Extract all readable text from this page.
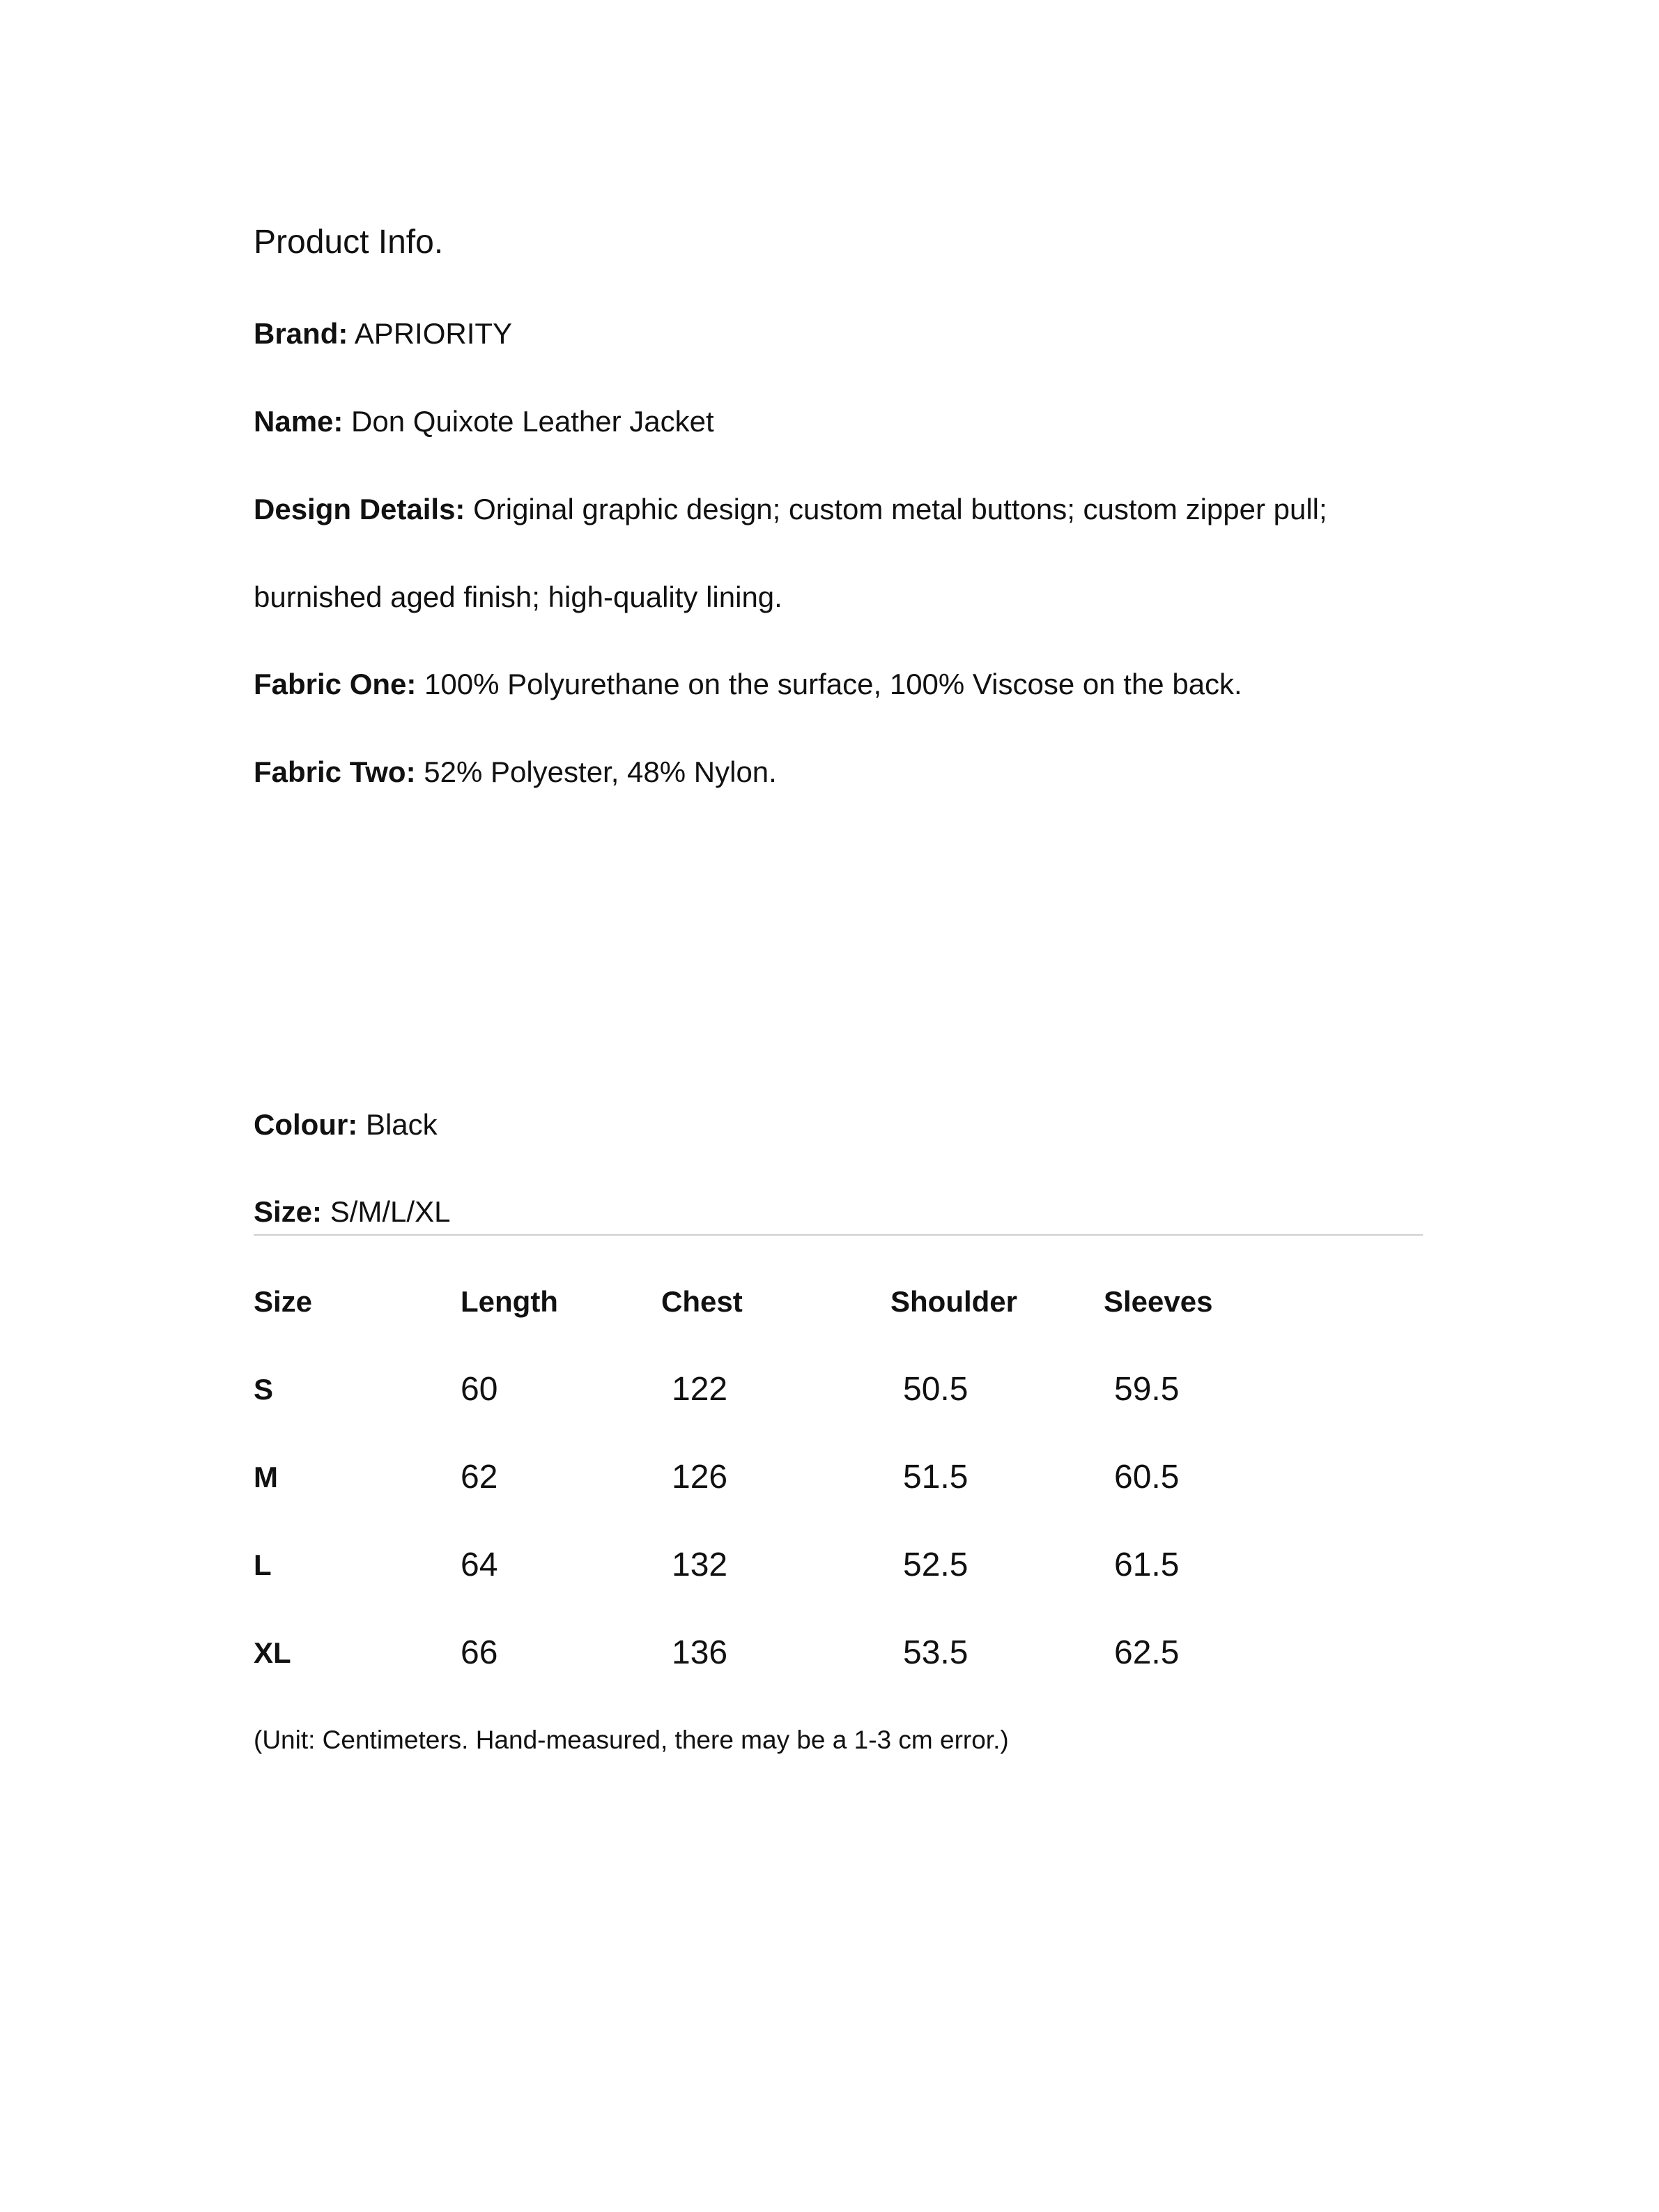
Product Info.
Brand: APRIORITY
Name: Don Quixote Leather Jacket
Design Details: Original graphic design; custom metal buttons; custom zipper pull;
burnished aged finish; high-quality lining.
Fabric One: 100% Polyurethane on the surface, 100% Viscose on the back.
Fabric Two: 52% Polyester, 48% Nylon.
Colour: Black
Size: S/M/L/XL
Size	Length	Chest	Shoulder	Sleeves
S	60	122	50.5	59.5
M	62	126	51.5	60.5
L	64	132	52.5	61.5
XL	66	136	53.5	62.5
(Unit: Centimeters. Hand-measured, there may be a 1-3 cm error.)
